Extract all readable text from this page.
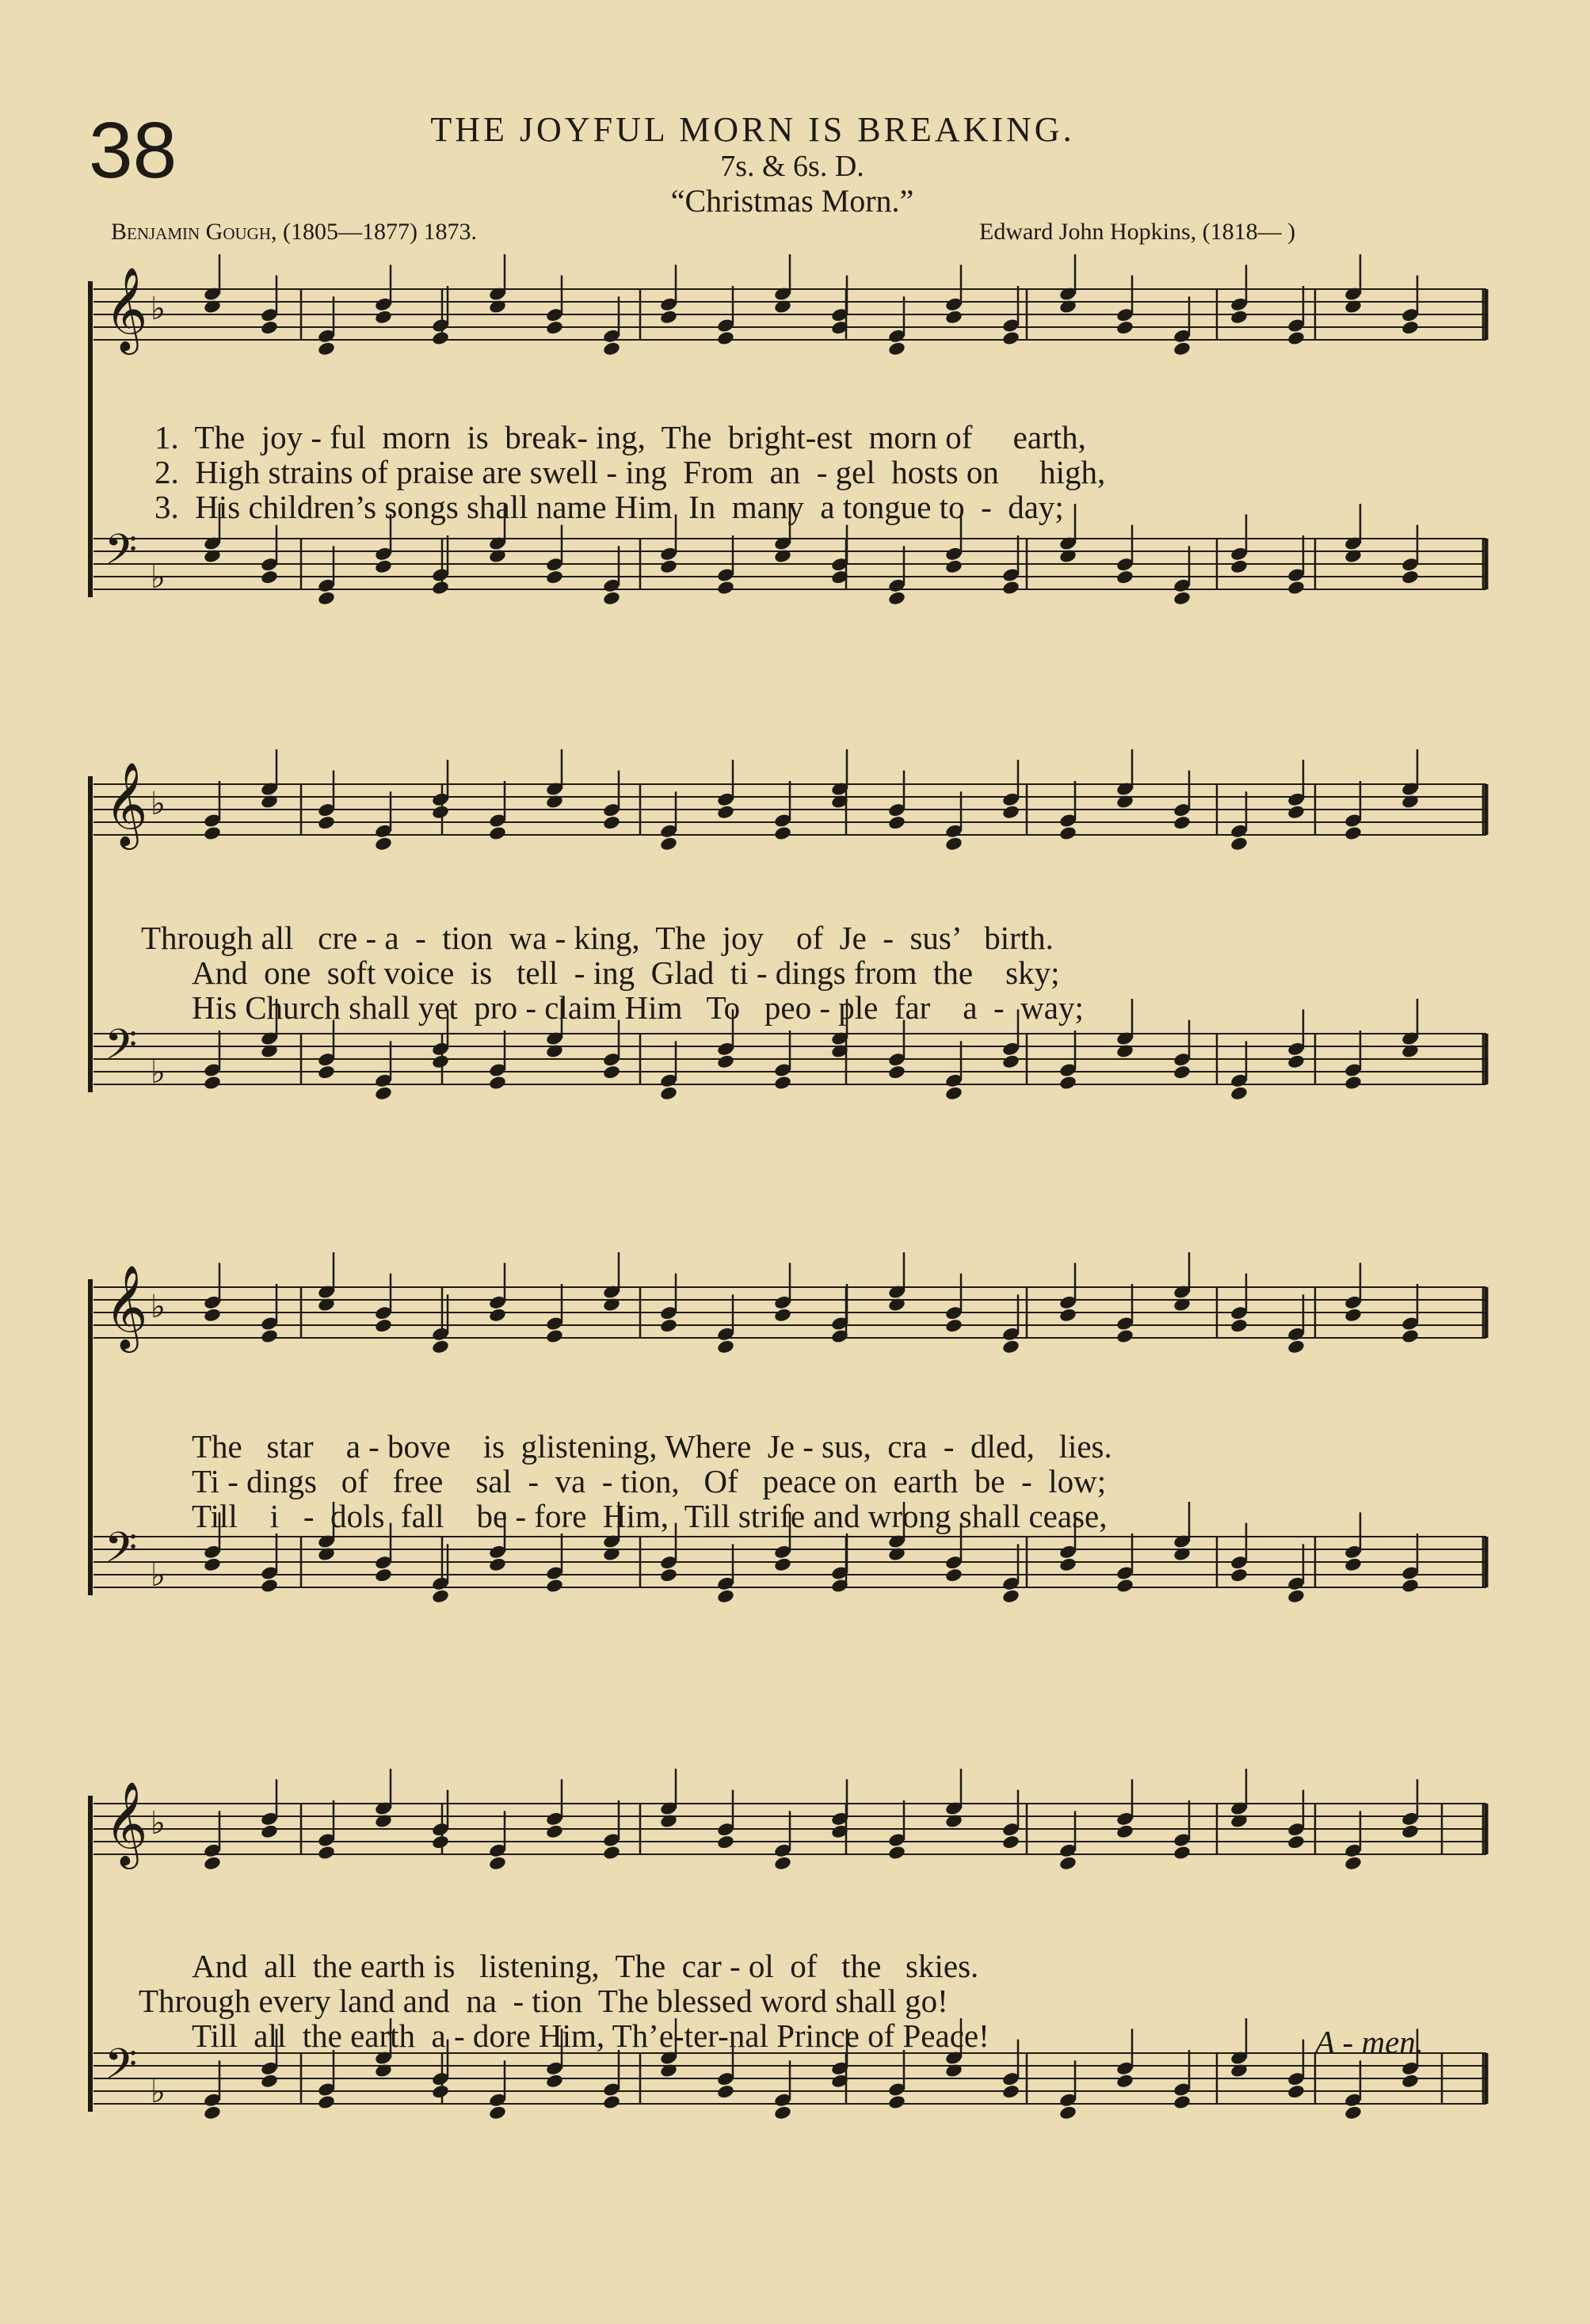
38	THE JOYFUL MORN IS BREAKING.
7s. & 6s. D.
“Christmas Morn.”
Benjamin Gough, (1805—1877) 1873.	Edward John Hopkins, (1818— )
1.  The  joy - ful  morn  is  break- ing,  The  bright-est  morn of     earth,
2.  High strains of praise are swell - ing  From  an  - gel  hosts on     high,
3.  His children’s songs shall name Him  In  many  a tongue to  -  day;
Through all   cre - a  -  tion  wa - king,  The  joy    of  Je  -  sus’   birth.
And  one  soft voice  is   tell  - ing  Glad  ti - dings from  the    sky;
His Church shall yet  pro - claim Him   To   peo - ple  far    a  -  way;
The   star    a - bove    is  glistening, Where  Je - sus,  cra  -  dled,   lies.
Ti - dings   of   free    sal  -  va  - tion,   Of   peace on  earth  be  -  low;
Till    i   -  dols  fall    be - fore  Him,  Till strife and wrong shall cease,
And  all  the earth is   listening,  The  car - ol  of   the   skies.
Through every land and  na  - tion  The blessed word shall go!
Till  all  the earth  a - dore Him, Th’e-ter-nal Prince of Peace!	A - men.
𝄞 ♭
𝄢 ♭
𝄞 ♭
𝄢 ♭
𝄞 ♭
𝄢 ♭
𝄞 ♭
𝄢 ♭
